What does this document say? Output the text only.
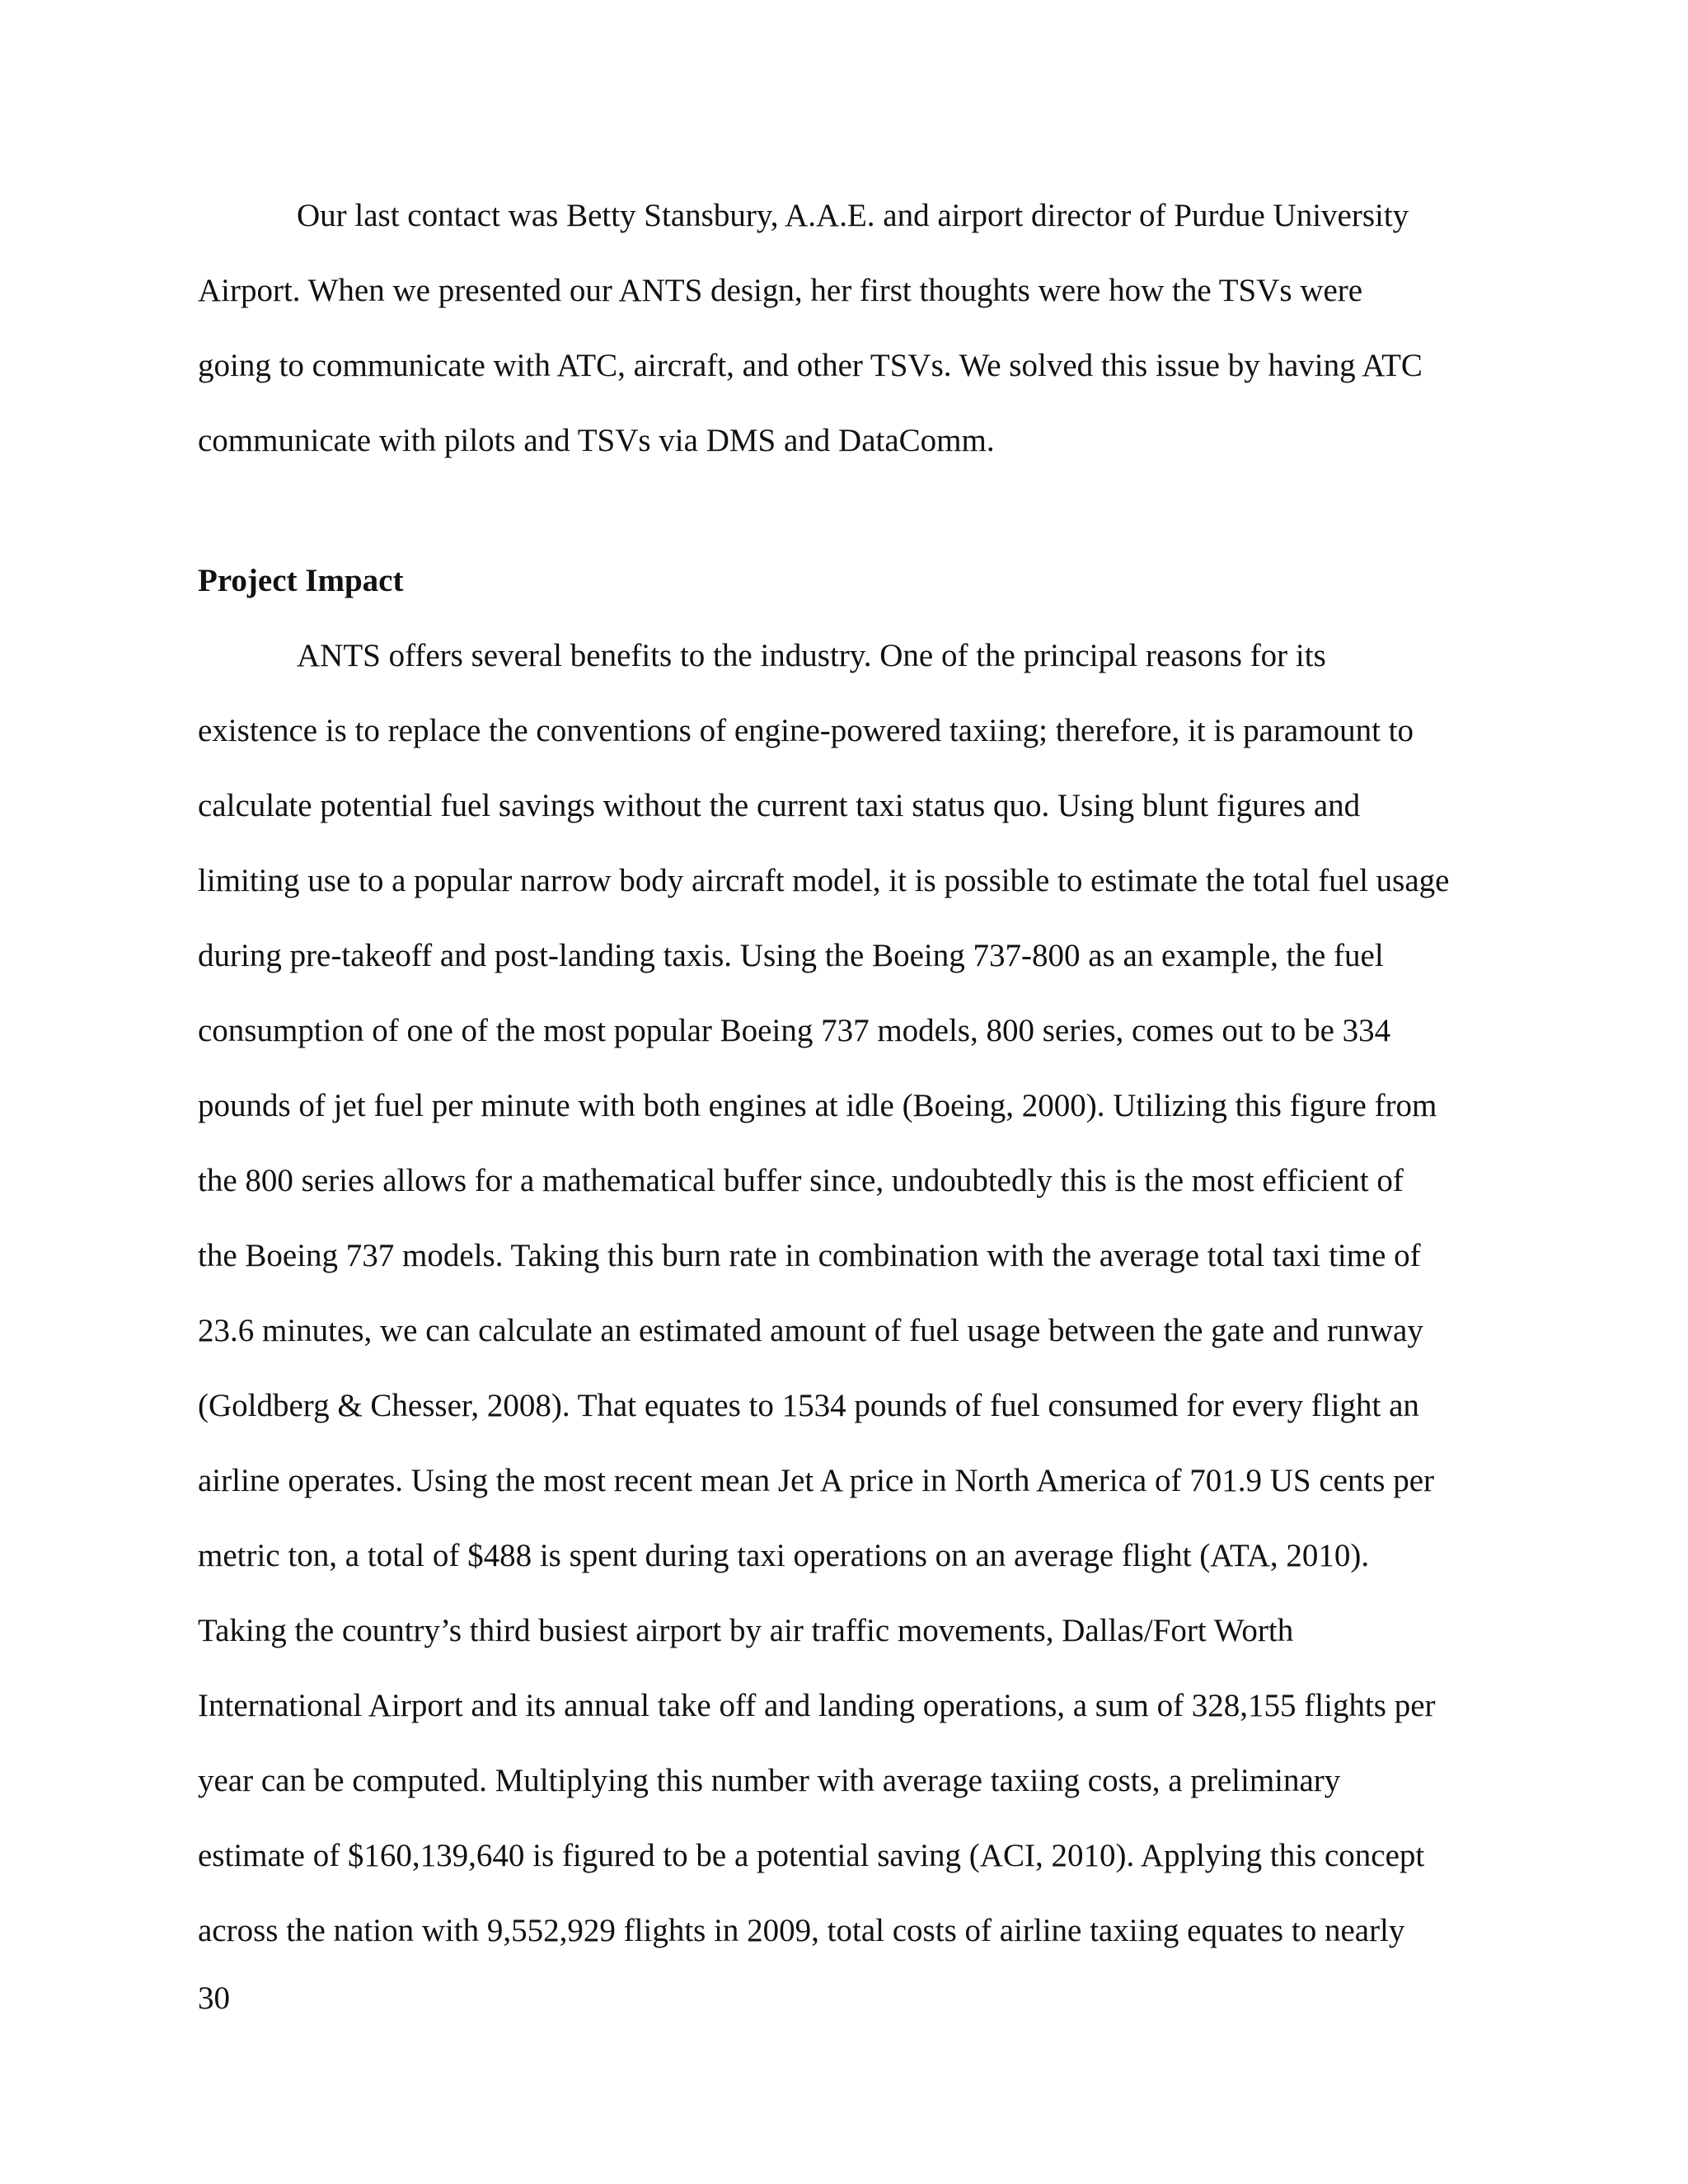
Our last contact was Betty Stansbury, A.A.E. and airport director of Purdue University
Airport. When we presented our ANTS design, her first thoughts were how the TSVs were
going to communicate with ATC, aircraft, and other TSVs. We solved this issue by having ATC
communicate with pilots and TSVs via DMS and DataComm.
Project Impact
ANTS offers several benefits to the industry. One of the principal reasons for its
existence is to replace the conventions of engine-powered taxiing; therefore, it is paramount to
calculate potential fuel savings without the current taxi status quo. Using blunt figures and
limiting use to a popular narrow body aircraft model, it is possible to estimate the total fuel usage
during pre-takeoff and post-landing taxis. Using the Boeing 737-800 as an example, the fuel
consumption of one of the most popular Boeing 737 models, 800 series, comes out to be 334
pounds of jet fuel per minute with both engines at idle (Boeing, 2000). Utilizing this figure from
the 800 series allows for a mathematical buffer since, undoubtedly this is the most efficient of
the Boeing 737 models. Taking this burn rate in combination with the average total taxi time of
23.6 minutes, we can calculate an estimated amount of fuel usage between the gate and runway
(Goldberg & Chesser, 2008). That equates to 1534 pounds of fuel consumed for every flight an
airline operates. Using the most recent mean Jet A price in North America of 701.9 US cents per
metric ton, a total of $488 is spent during taxi operations on an average flight (ATA, 2010).
Taking the country’s third busiest airport by air traffic movements, Dallas/Fort Worth
International Airport and its annual take off and landing operations, a sum of 328,155 flights per
year can be computed. Multiplying this number with average taxiing costs, a preliminary
estimate of $160,139,640 is figured to be a potential saving (ACI, 2010). Applying this concept
across the nation with 9,552,929 flights in 2009, total costs of airline taxiing equates to nearly
30
